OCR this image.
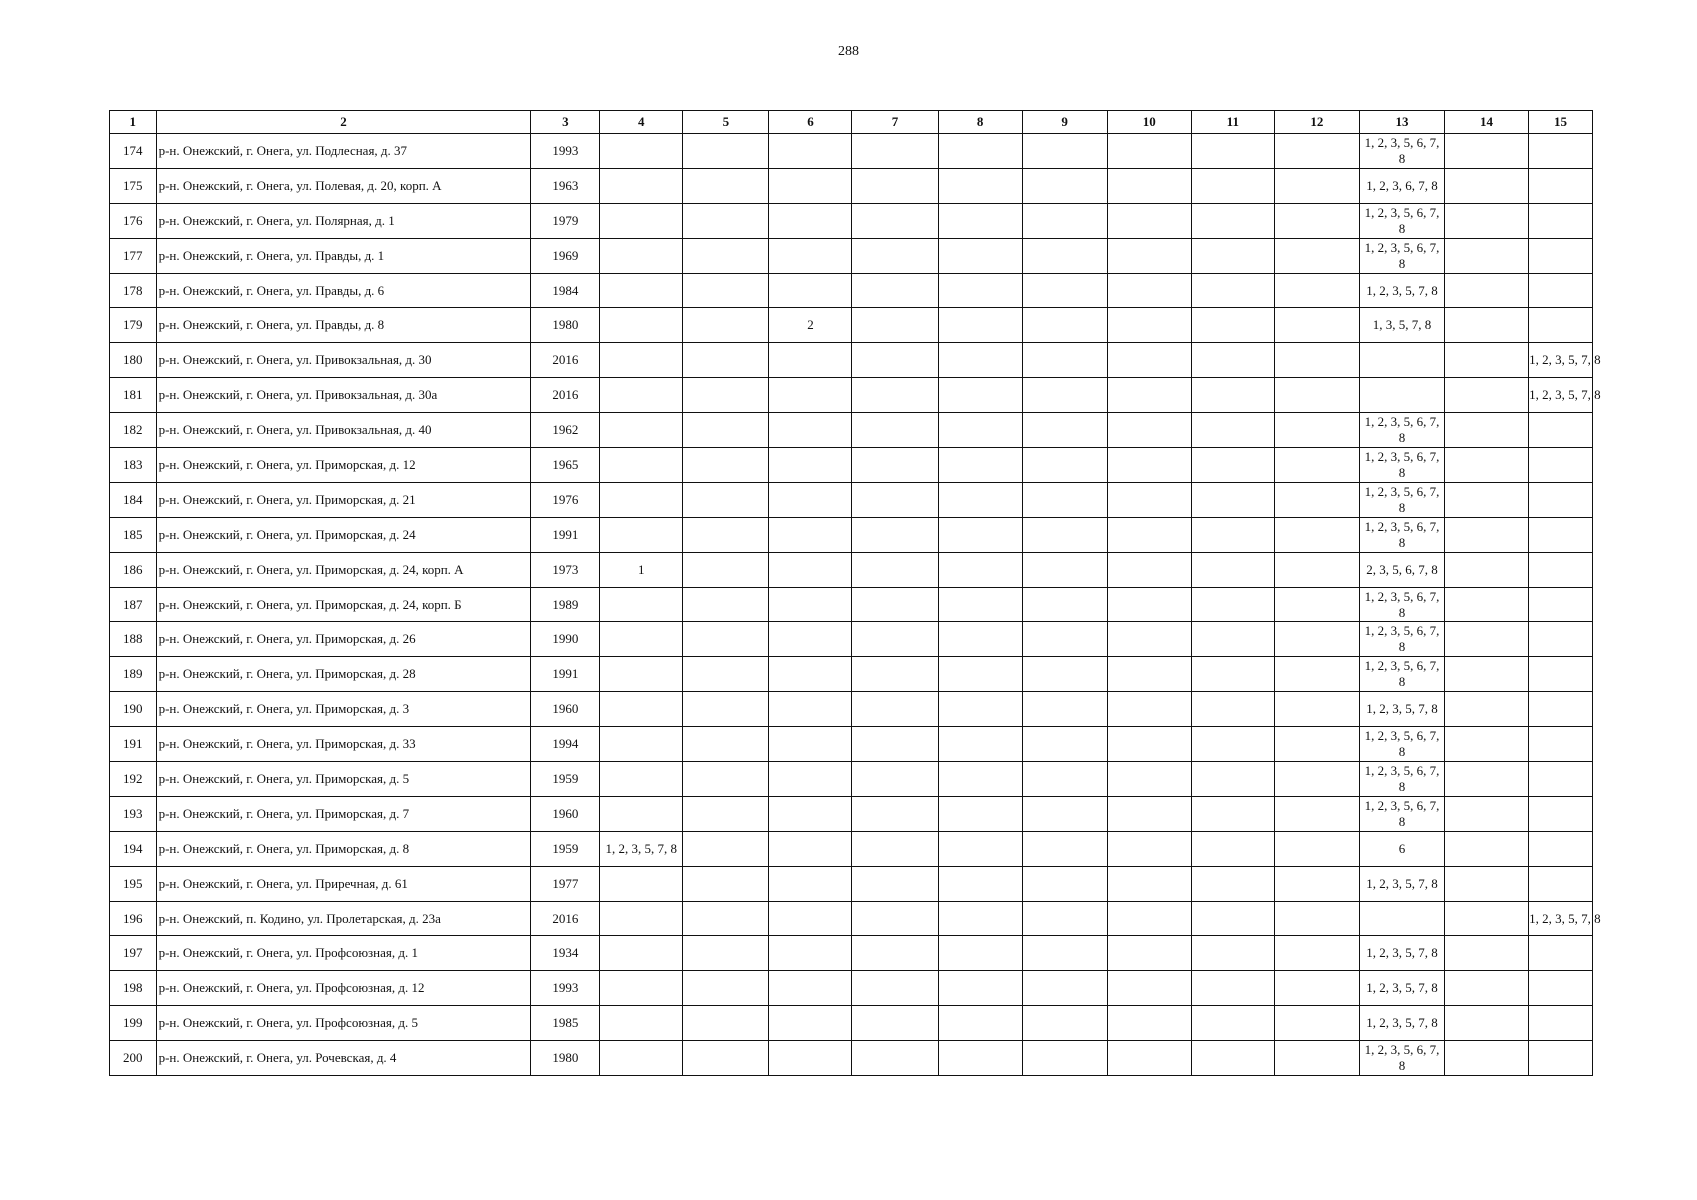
288
1	2	3	4	5	6	7	8	9	10	11	12	13	14	15
174	р-н. Онежский, г. Онега, ул. Подлесная, д. 37	1993										1, 2, 3, 5, 6, 7, 8		
175	р-н. Онежский, г. Онега, ул. Полевая, д. 20, корп. А	1963										1, 2, 3, 6, 7, 8		
176	р-н. Онежский, г. Онега, ул. Полярная, д. 1	1979										1, 2, 3, 5, 6, 7, 8		
177	р-н. Онежский, г. Онега, ул. Правды, д. 1	1969										1, 2, 3, 5, 6, 7, 8		
178	р-н. Онежский, г. Онега, ул. Правды, д. 6	1984										1, 2, 3, 5, 7, 8		
179	р-н. Онежский, г. Онега, ул. Правды, д. 8	1980			2							1, 3, 5, 7, 8		
180	р-н. Онежский, г. Онега, ул. Привокзальная, д. 30	2016												1, 2, 3, 5, 7, 8
181	р-н. Онежский, г. Онега, ул. Привокзальная, д. 30а	2016												1, 2, 3, 5, 7, 8
182	р-н. Онежский, г. Онега, ул. Привокзальная, д. 40	1962										1, 2, 3, 5, 6, 7, 8		
183	р-н. Онежский, г. Онега, ул. Приморская, д. 12	1965										1, 2, 3, 5, 6, 7, 8		
184	р-н. Онежский, г. Онега, ул. Приморская, д. 21	1976										1, 2, 3, 5, 6, 7, 8		
185	р-н. Онежский, г. Онега, ул. Приморская, д. 24	1991										1, 2, 3, 5, 6, 7, 8		
186	р-н. Онежский, г. Онега, ул. Приморская, д. 24, корп. А	1973	1									2, 3, 5, 6, 7, 8		
187	р-н. Онежский, г. Онега, ул. Приморская, д. 24, корп. Б	1989										1, 2, 3, 5, 6, 7, 8		
188	р-н. Онежский, г. Онега, ул. Приморская, д. 26	1990										1, 2, 3, 5, 6, 7, 8		
189	р-н. Онежский, г. Онега, ул. Приморская, д. 28	1991										1, 2, 3, 5, 6, 7, 8		
190	р-н. Онежский, г. Онега, ул. Приморская, д. 3	1960										1, 2, 3, 5, 7, 8		
191	р-н. Онежский, г. Онега, ул. Приморская, д. 33	1994										1, 2, 3, 5, 6, 7, 8		
192	р-н. Онежский, г. Онега, ул. Приморская, д. 5	1959										1, 2, 3, 5, 6, 7, 8		
193	р-н. Онежский, г. Онега, ул. Приморская, д. 7	1960										1, 2, 3, 5, 6, 7, 8		
194	р-н. Онежский, г. Онега, ул. Приморская, д. 8	1959	1, 2, 3, 5, 7, 8									6		
195	р-н. Онежский, г. Онега, ул. Приречная, д. 61	1977										1, 2, 3, 5, 7, 8		
196	р-н. Онежский, п. Кодино, ул. Пролетарская, д. 23а	2016												1, 2, 3, 5, 7, 8
197	р-н. Онежский, г. Онега, ул. Профсоюзная, д. 1	1934										1, 2, 3, 5, 7, 8		
198	р-н. Онежский, г. Онега, ул. Профсоюзная, д. 12	1993										1, 2, 3, 5, 7, 8		
199	р-н. Онежский, г. Онега, ул. Профсоюзная, д. 5	1985										1, 2, 3, 5, 7, 8		
200	р-н. Онежский, г. Онега, ул. Рочевская, д. 4	1980										1, 2, 3, 5, 6, 7, 8		
